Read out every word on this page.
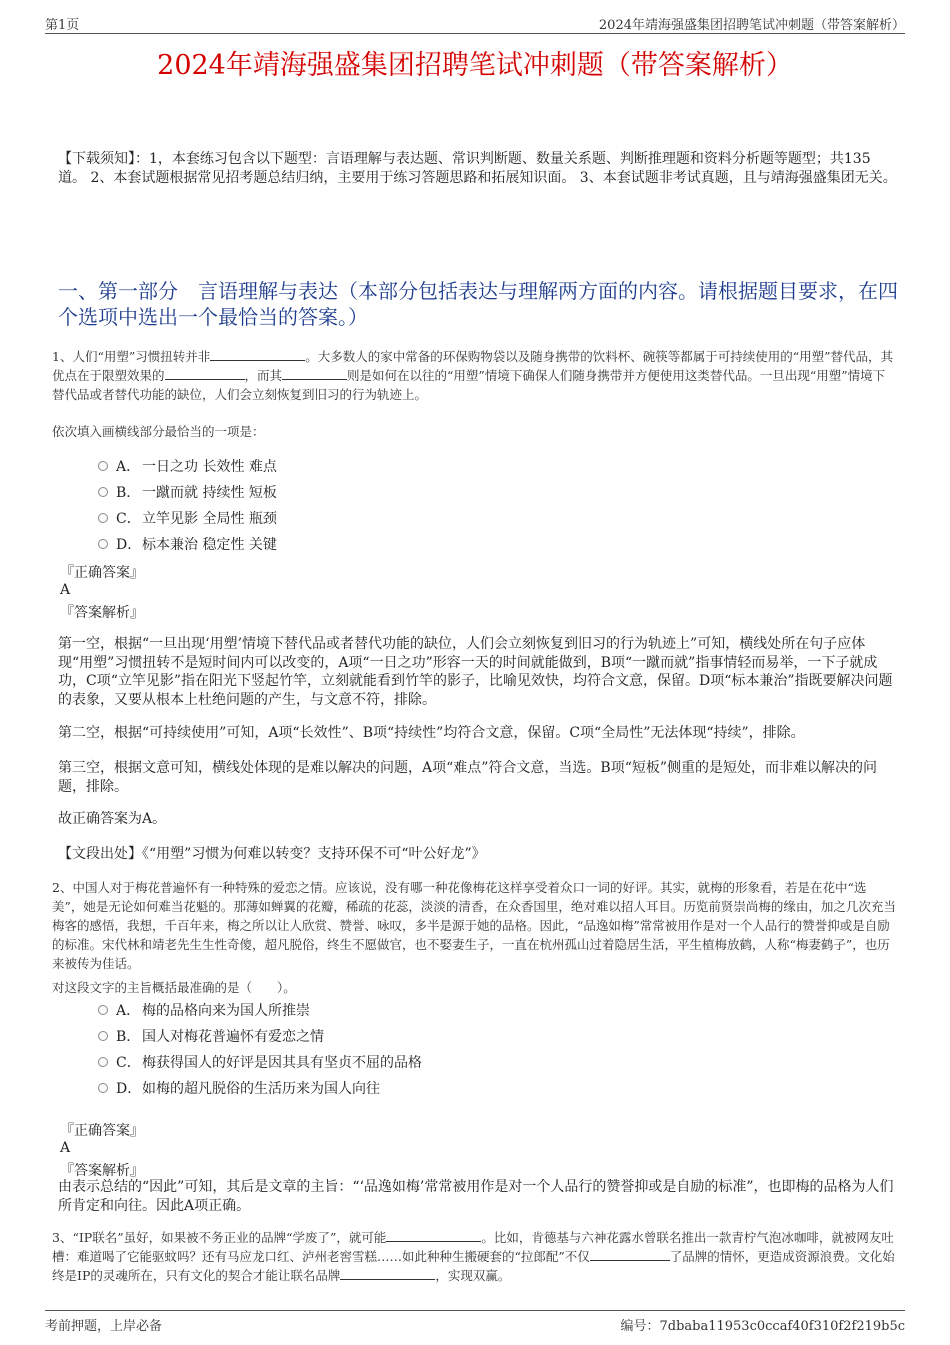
第1页	2024年靖海强盛集团招聘笔试冲刺题（带答案解析）
2024年靖海强盛集团招聘笔试冲刺题（带答案解析）
【下载须知】：1，本套练习包含以下题型：言语理解与表达题、常识判断题、数量关系题、判断推理题和资料分析题等题型；共135道。 2、本套试题根据常见招考题总结归纳，主要用于练习答题思路和拓展知识面。 3、本套试题非考试真题，且与靖海强盛集团无关。
一、第一部分　言语理解与表达（本部分包括表达与理解两方面的内容。请根据题目要求，在四个选项中选出一个最恰当的答案。）
1、人们“用塑”习惯扭转并非	。大多数人的家中常备的环保购物袋以及随身携带的饮料杯、碗筷等都属于可持续使用的“用塑”替代品，其优点在于限塑效果的	，而其	则是如何在以往的“用塑”情境下确保人们随身携带并方便使用这类替代品。一旦出现“用塑”情境下替代品或者替代功能的缺位，人们会立刻恢复到旧习的行为轨迹上。
依次填入画横线部分最恰当的一项是：
A． 一日之功 长效性 难点
B． 一蹴而就 持续性 短板
C． 立竿见影 全局性 瓶颈
D． 标本兼治 稳定性 关键
『正确答案』
A
『答案解析』
第一空，根据“一旦出现‘用塑’情境下替代品或者替代功能的缺位，人们会立刻恢复到旧习的行为轨迹上”可知，横线处所在句子应体现“用塑”习惯扭转不是短时间内可以改变的，A项“一日之功”形容一天的时间就能做到，B项“一蹴而就”指事情轻而易举，一下子就成功，C项“立竿见影”指在阳光下竖起竹竿，立刻就能看到竹竿的影子，比喻见效快，均符合文意，保留。D项“标本兼治”指既要解决问题的表象，又要从根本上杜绝问题的产生，与文意不符，排除。
第二空，根据“可持续使用”可知，A项“长效性”、B项“持续性”均符合文意，保留。C项“全局性”无法体现“持续”，排除。
第三空，根据文意可知，横线处体现的是难以解决的问题，A项“难点”符合文意，当选。B项“短板”侧重的是短处，而非难以解决的问题，排除。
故正确答案为A。
【文段出处】《“用塑”习惯为何难以转变？支持环保不可“叶公好龙”》
2、中国人对于梅花普遍怀有一种特殊的爱恋之情。应该说，没有哪一种花像梅花这样享受着众口一词的好评。其实，就梅的形象看，若是在花中“选美”，她是无论如何难当花魁的。那薄如蝉翼的花瓣，稀疏的花蕊，淡淡的清香，在众香国里，绝对难以招人耳目。历览前贤崇尚梅的缘由，加之几次充当梅客的感悟，我想，千百年来，梅之所以让人欣赏、赞誉、咏叹，多半是源于她的品格。因此，“品逸如梅”常常被用作是对一个人品行的赞誉抑或是自励的标准。宋代林和靖老先生生性奇傻，超凡脱俗，终生不愿做官，也不娶妻生子，一直在杭州孤山过着隐居生活，平生植梅放鹤，人称“梅妻鹤子”，也历来被传为佳话。
对这段文字的主旨概括最准确的是（　　）。
A． 梅的品格向来为国人所推崇
B． 国人对梅花普遍怀有爱恋之情
C． 梅获得国人的好评是因其具有坚贞不屈的品格
D． 如梅的超凡脱俗的生活历来为国人向往
『正确答案』
A
『答案解析』
由表示总结的“因此”可知，其后是文章的主旨：“‘品逸如梅’常常被用作是对一个人品行的赞誉抑或是自励的标准”，也即梅的品格为人们所肯定和向往。因此A项正确。
3、“IP联名”虽好，如果被不务正业的品牌“学废了”，就可能	。比如，肯德基与六神花露水曾联名推出一款青柠气泡冰咖啡，就被网友吐槽：难道喝了它能驱蚊吗？还有马应龙口红、泸州老窖雪糕……如此种种生搬硬套的“拉郎配”不仅	了品牌的情怀，更造成资源浪费。文化始终是IP的灵魂所在，只有文化的契合才能让联名品牌	，实现双赢。
考前押题，上岸必备	编号：7dbaba11953c0ccaf40f310f2f219b5c
